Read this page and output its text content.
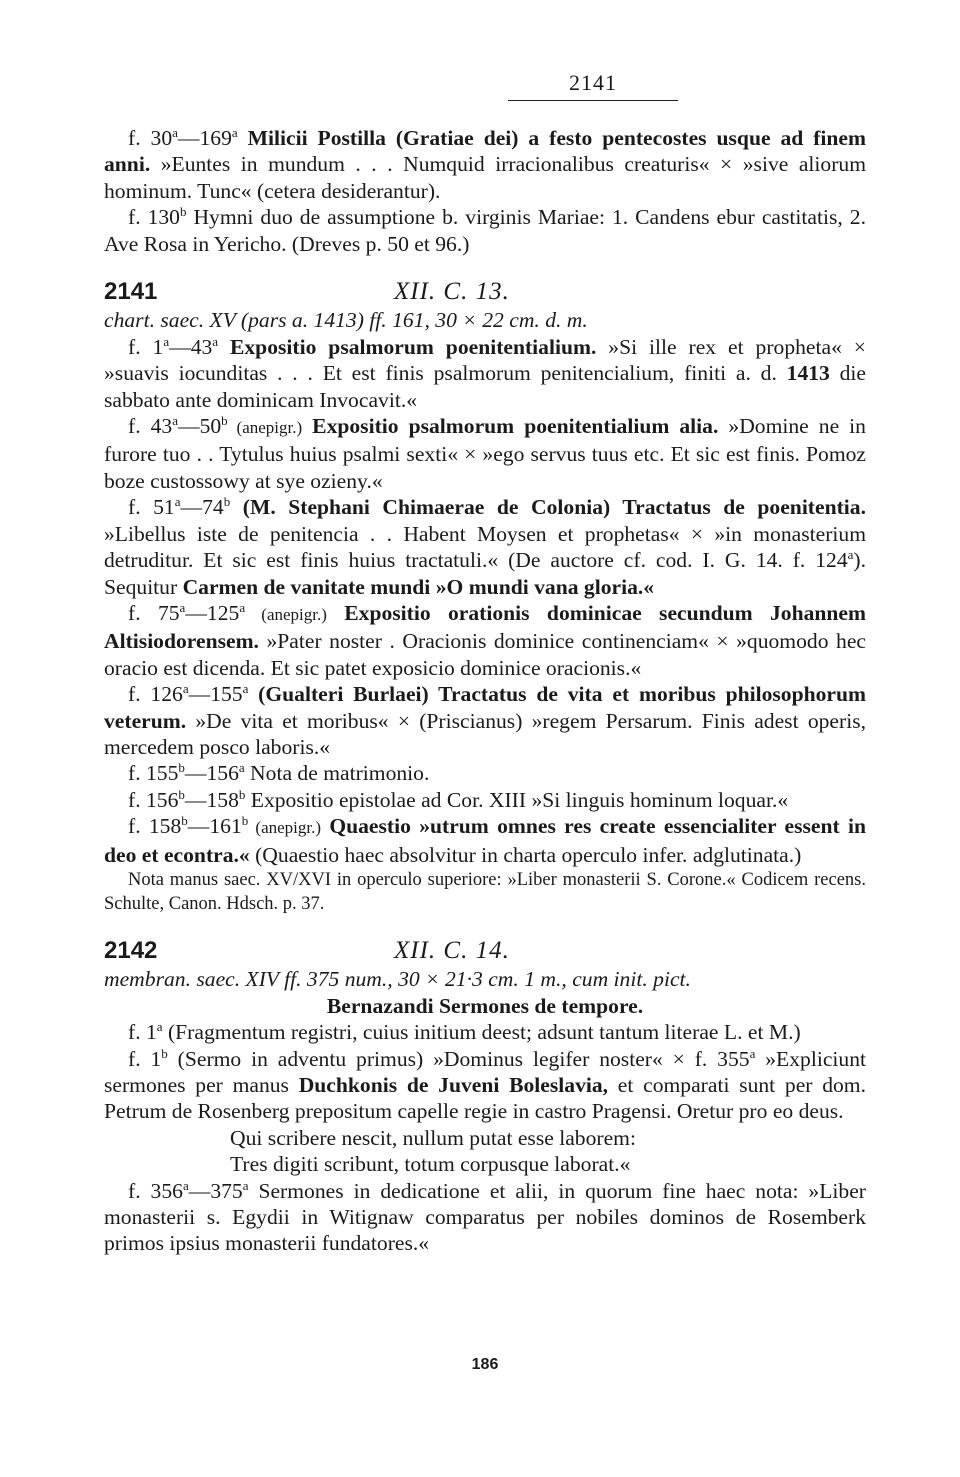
2141

f. 30$^a$—169$^a$ Milicii Postilla (Gratiae dei) a festo pentecostes usque ad finem anni. »Euntes in mundum . . . Numquid irracionalibus creaturis« × »sive aliorum hominum. Tunc« (cetera desiderantur).

f. 130$^b$ Hymni duo de assumptione b. virginis Mariae: 1. Candens ebur castitatis, 2. Ave Rosa in Yericho. (Dreves p. 50 et 96.)

2141	XII. C. 13.

chart. saec. XV (pars a. 1413) ff. 161, 30 × 22 cm. d. m.

f. 1$^a$—43$^a$ Expositio psalmorum poenitentialium. »Si ille rex et propheta« × »suavis iocunditas . . . Et est finis psalmorum penitencialium, finiti a. d. 1413 die sabbato ante dominicam Invocavit.«

f. 43$^a$—50$^b$ (anepigr.) Expositio psalmorum poenitentialium alia. »Domine ne in furore tuo . . Tytulus huius psalmi sexti« × »ego servus tuus etc. Et sic est finis. Pomoz boze custossowy at sye ozieny.«

f. 51$^a$—74$^b$ (M. Stephani Chimaerae de Colonia) Tractatus de poenitentia. »Libellus iste de penitencia . . Habent Moysen et prophetas« × »in monasterium detruditur. Et sic est finis huius tractatuli.« (De auctore cf. cod. I. G. 14. f. 124$^a$). Sequitur Carmen de vanitate mundi »O mundi vana gloria.«

f. 75$^a$—125$^a$ (anepigr.) Expositio orationis dominicae secundum Johannem Altisiodorensem. »Pater noster . Oracionis dominice continenciam« × »quomodo hec oracio est dicenda. Et sic patet exposicio dominice oracionis.«

f. 126$^a$—155$^a$ (Gualteri Burlaei) Tractatus de vita et moribus philosophorum veterum. »De vita et moribus« × (Priscianus) »regem Persarum. Finis adest operis, mercedem posco laboris.«

f. 155$^b$—156$^a$ Nota de matrimonio.

f. 156$^b$—158$^b$ Expositio epistolae ad Cor. XIII »Si linguis hominum loquar.«

f. 158$^b$—161$^b$ (anepigr.) Quaestio »utrum omnes res create essencialiter essent in deo et econtra.« (Quaestio haec absolvitur in charta operculo infer. adglutinata.)

Nota manus saec. XV/XVI in operculo superiore: »Liber monasterii S. Corone.« Codicem recens. Schulte, Canon. Hdsch. p. 37.

2142	XII. C. 14.

membran. saec. XIV ff. 375 num., 30 × 21·3 cm. 1 m., cum init. pict.

Bernazandi Sermones de tempore.

f. 1$^a$ (Fragmentum registri, cuius initium deest; adsunt tantum literae L. et M.)

f. 1$^b$ (Sermo in adventu primus) »Dominus legifer noster« × f. 355$^a$ »Expliciunt sermones per manus Duchkonis de Juveni Boleslavia, et comparati sunt per dom. Petrum de Rosenberg prepositum capelle regie in castro Pragensi. Oretur pro eo deus.

Qui scribere nescit, nullum putat esse laborem:

Tres digiti scribunt, totum corpusque laborat.«

f. 356$^a$—375$^a$ Sermones in dedicatione et alii, in quorum fine haec nota: »Liber monasterii s. Egydii in Witignaw comparatus per nobiles dominos de Rosemberk primos ipsius monasterii fundatores.«

186
